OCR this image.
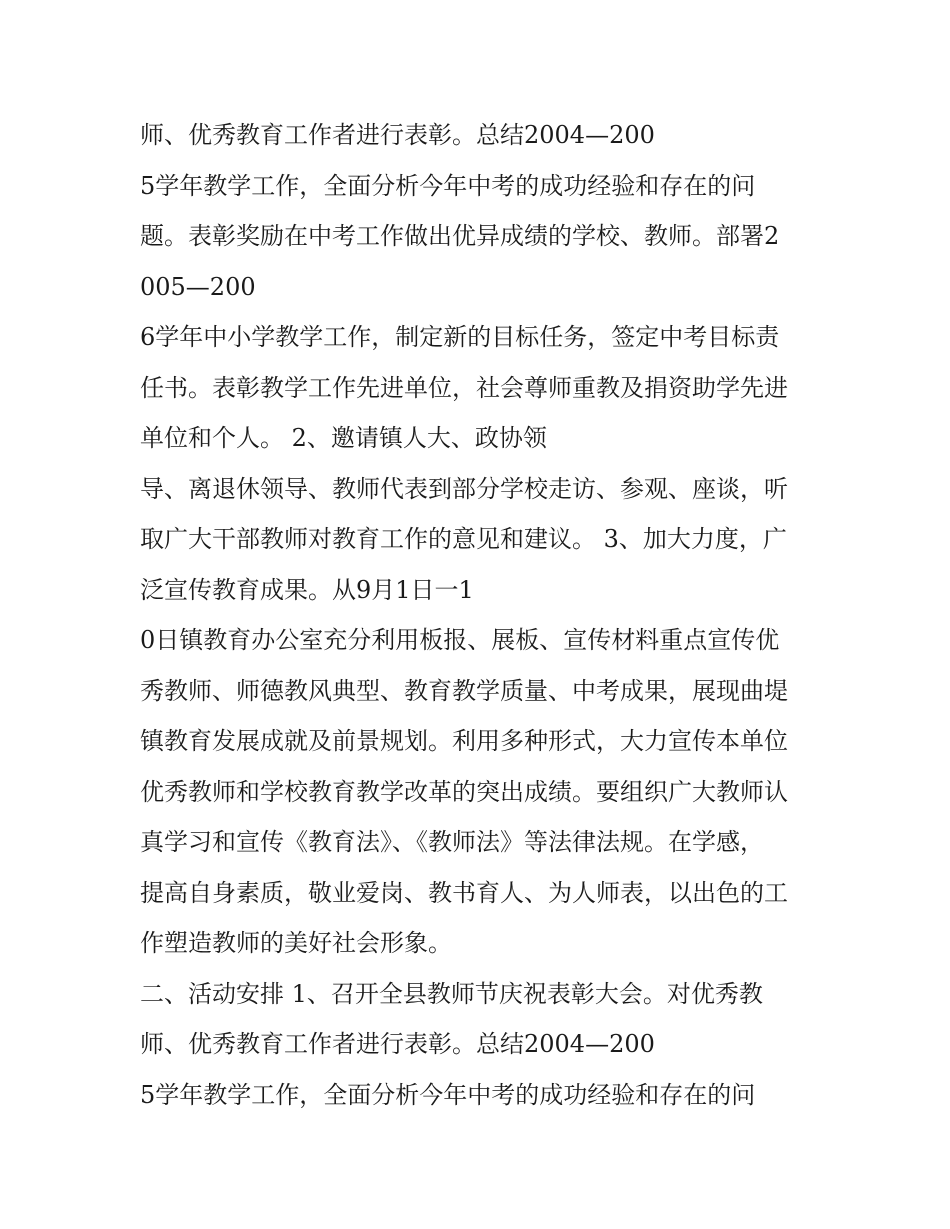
师、优秀教育工作者进行表彰。总结2004—200
5学年教学工作，全面分析今年中考的成功经验和存在的问
题。表彰奖励在中考工作做出优异成绩的学校、教师。部署2
005—200
6学年中小学教学工作，制定新的目标任务，签定中考目标责
任书。表彰教学工作先进单位，社会尊师重教及捐资助学先进
单位和个人。 2、邀请镇人大、政协领
导、离退休领导、教师代表到部分学校走访、参观、座谈，听
取广大干部教师对教育工作的意见和建议。 3、加大力度，广
泛宣传教育成果。从9月1日一1
0日镇教育办公室充分利用板报、展板、宣传材料重点宣传优
秀教师、师德教风典型、教育教学质量、中考成果，展现曲堤
镇教育发展成就及前景规划。利用多种形式，大力宣传本单位
优秀教师和学校教育教学改革的突出成绩。要组织广大教师认
真学习和宣传《教育法》、《教师法》等法律法规。在学感，
提高自身素质，敬业爱岗、教书育人、为人师表，以出色的工
作塑造教师的美好社会形象。
二、活动安排 1、召开全县教师节庆祝表彰大会。对优秀教
师、优秀教育工作者进行表彰。总结2004—200
5学年教学工作，全面分析今年中考的成功经验和存在的问
